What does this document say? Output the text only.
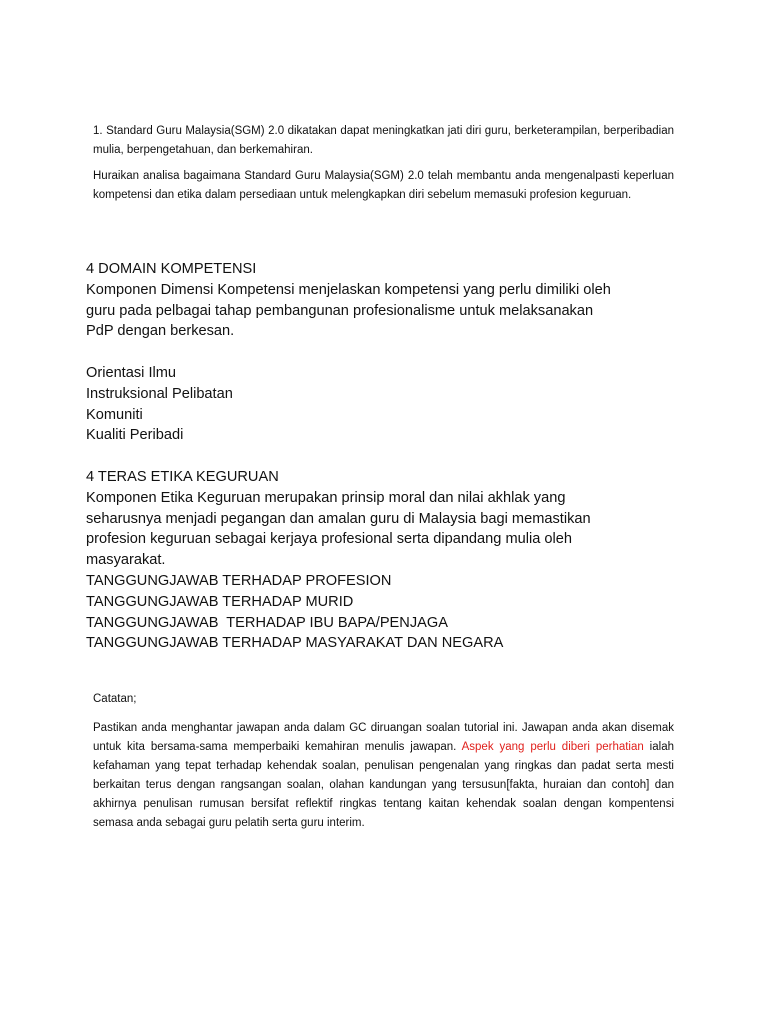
1. Standard Guru Malaysia(SGM) 2.0 dikatakan dapat meningkatkan jati diri guru, berketerampilan, berperibadian mulia, berpengetahuan, dan berkemahiran.

Huraikan analisa bagaimana Standard Guru Malaysia(SGM) 2.0 telah membantu anda mengenalpasti keperluan kompetensi dan etika dalam persediaan untuk melengkapkan diri sebelum memasuki profesion keguruan.

4 DOMAIN KOMPETENSI
Komponen Dimensi Kompetensi menjelaskan kompetensi yang perlu dimiliki oleh
guru pada pelbagai tahap pembangunan profesionalisme untuk melaksanakan
PdP dengan berkesan.

Orientasi Ilmu
Instruksional Pelibatan
Komuniti
Kualiti Peribadi

4 TERAS ETIKA KEGURUAN
Komponen Etika Keguruan merupakan prinsip moral dan nilai akhlak yang
seharusnya menjadi pegangan dan amalan guru di Malaysia bagi memastikan
profesion keguruan sebagai kerjaya profesional serta dipandang mulia oleh
masyarakat.
TANGGUNGJAWAB TERHADAP PROFESION
TANGGUNGJAWAB TERHADAP MURID
TANGGUNGJAWAB  TERHADAP IBU BAPA/PENJAGA
TANGGUNGJAWAB TERHADAP MASYARAKAT DAN NEGARA

Catatan;

Pastikan anda menghantar jawapan anda dalam GC diruangan soalan tutorial ini. Jawapan anda akan disemak untuk kita bersama-sama memperbaiki kemahiran menulis jawapan. Aspek yang perlu diberi perhatian ialah kefahaman yang tepat terhadap kehendak soalan, penulisan pengenalan yang ringkas dan padat serta mesti berkaitan terus dengan rangsangan soalan, olahan kandungan yang tersusun[fakta, huraian dan contoh] dan akhirnya penulisan rumusan bersifat reflektif ringkas tentang kaitan kehendak soalan dengan kompentensi semasa anda sebagai guru pelatih serta guru interim.
